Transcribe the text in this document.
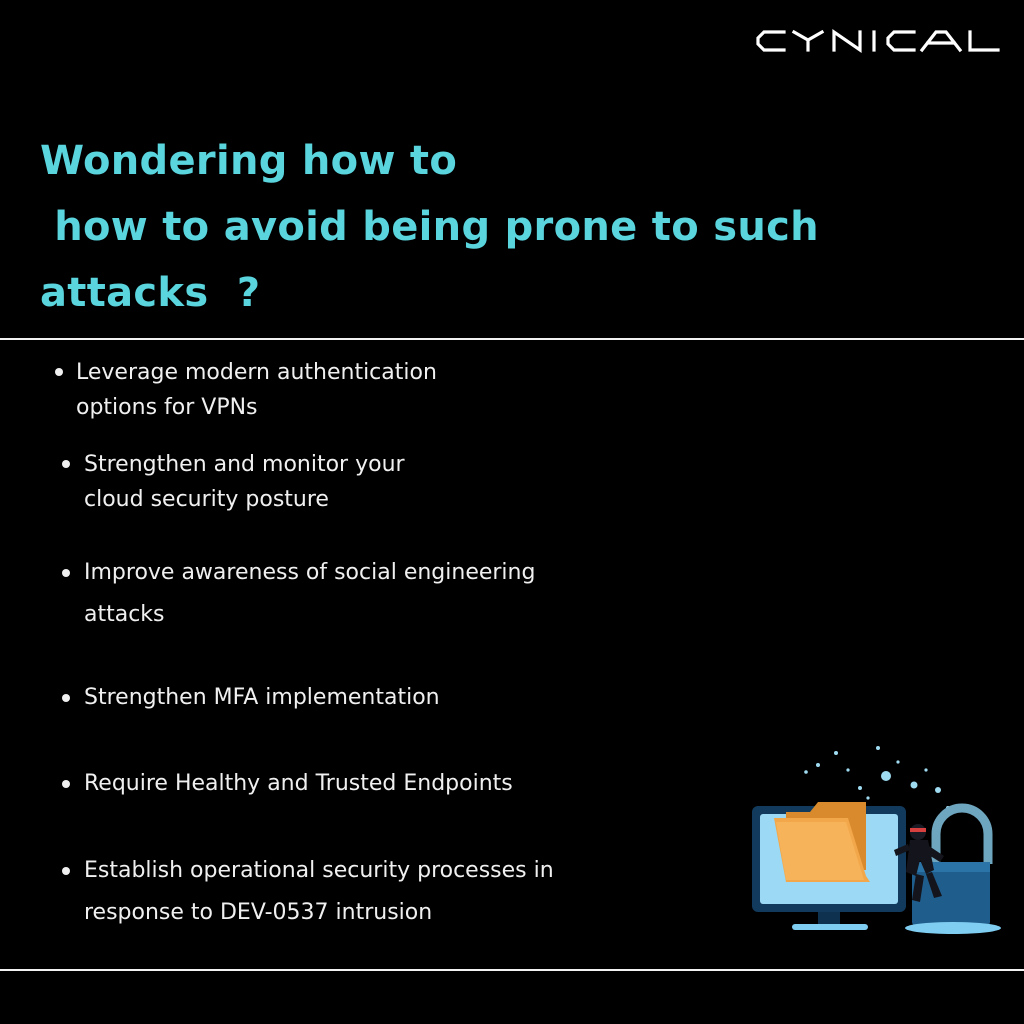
Wondering how to
how to avoid being prone to such
attacks  ?
Leverage modern authentication
options for VPNs
Strengthen and monitor your
cloud security posture
Improve awareness of social engineering
attacks
Strengthen MFA implementation
Require Healthy and Trusted Endpoints
Establish operational security processes in
response to DEV-0537 intrusion
